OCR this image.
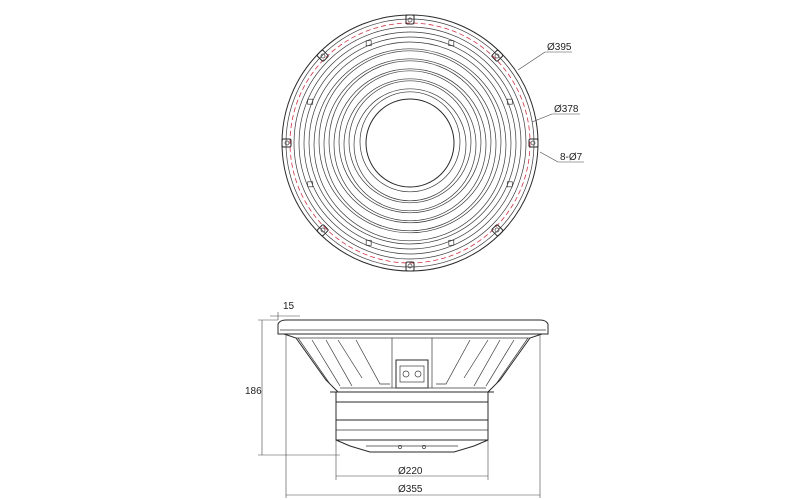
Ø395
Ø378
8-Ø7
15
186
Ø220
Ø355
